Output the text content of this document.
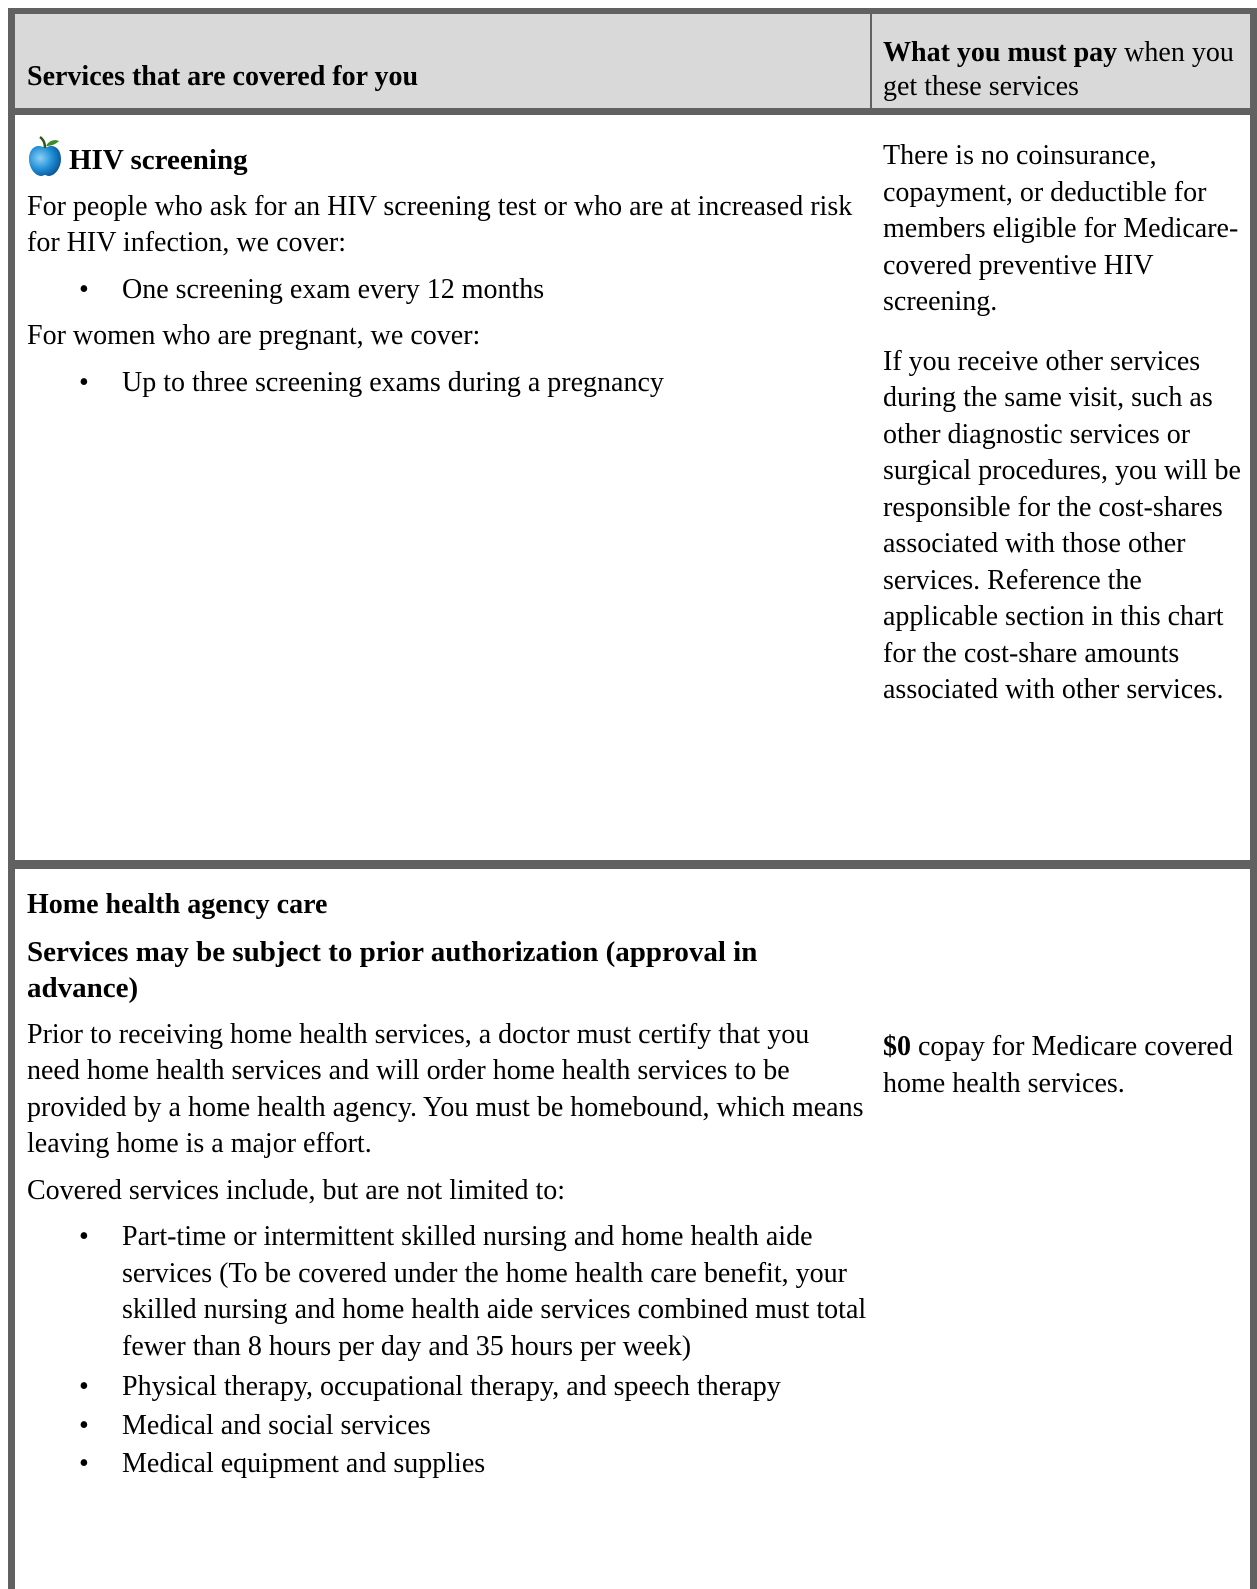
Services that are covered for you
What you must pay when you get these services
HIV screening

For people who ask for an HIV screening test or who are at increased risk for HIV infection, we cover:

• One screening exam every 12 months

For women who are pregnant, we cover:

• Up to three screening exams during a pregnancy

There is no coinsurance, copayment, or deductible for members eligible for Medicare-covered preventive HIV screening.

If you receive other services during the same visit, such as other diagnostic services or surgical procedures, you will be responsible for the cost-shares associated with those other services. Reference the applicable section in this chart for the cost-share amounts associated with other services.

Home health agency care

Services may be subject to prior authorization (approval in advance)

Prior to receiving home health services, a doctor must certify that you need home health services and will order home health services to be provided by a home health agency. You must be homebound, which means leaving home is a major effort.

Covered services include, but are not limited to:

• Part-time or intermittent skilled nursing and home health aide services (To be covered under the home health care benefit, your skilled nursing and home health aide services combined must total fewer than 8 hours per day and 35 hours per week)
• Physical therapy, occupational therapy, and speech therapy
• Medical and social services
• Medical equipment and supplies

$0 copay for Medicare covered home health services.
